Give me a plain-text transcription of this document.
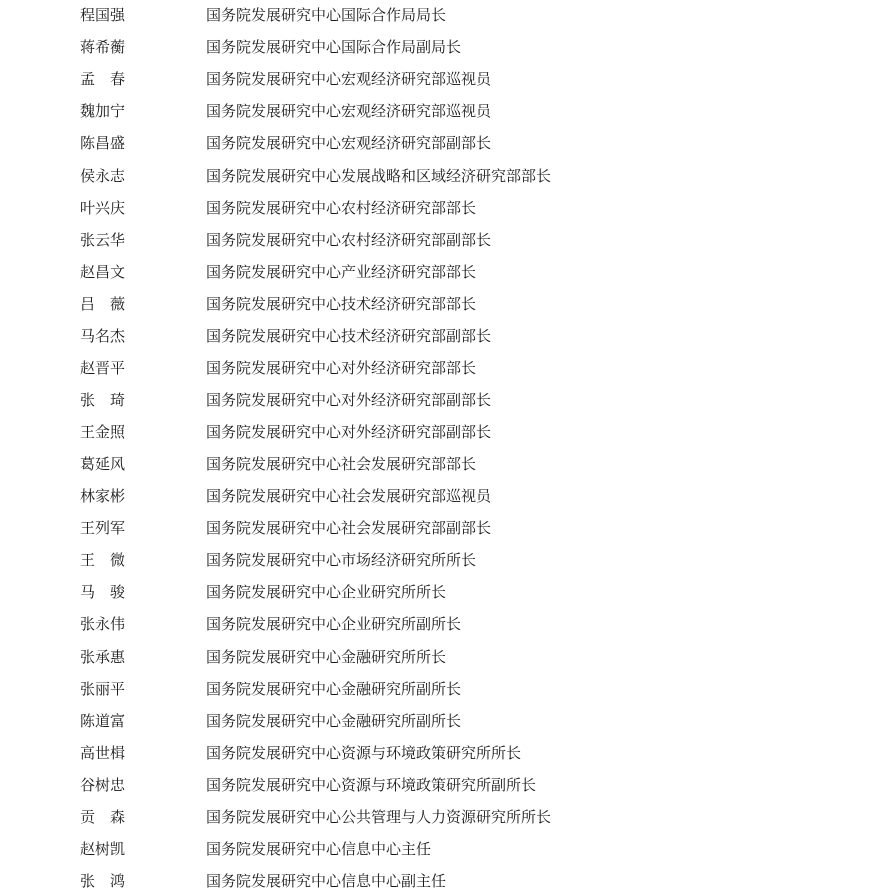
程国强	国务院发展研究中心国际合作局局长
蒋希蘅	国务院发展研究中心国际合作局副局长
孟　春	国务院发展研究中心宏观经济研究部巡视员
魏加宁	国务院发展研究中心宏观经济研究部巡视员
陈昌盛	国务院发展研究中心宏观经济研究部副部长
侯永志	国务院发展研究中心发展战略和区域经济研究部部长
叶兴庆	国务院发展研究中心农村经济研究部部长
张云华	国务院发展研究中心农村经济研究部副部长
赵昌文	国务院发展研究中心产业经济研究部部长
吕　薇	国务院发展研究中心技术经济研究部部长
马名杰	国务院发展研究中心技术经济研究部副部长
赵晋平	国务院发展研究中心对外经济研究部部长
张　琦	国务院发展研究中心对外经济研究部副部长
王金照	国务院发展研究中心对外经济研究部副部长
葛延风	国务院发展研究中心社会发展研究部部长
林家彬	国务院发展研究中心社会发展研究部巡视员
王列军	国务院发展研究中心社会发展研究部副部长
王　微	国务院发展研究中心市场经济研究所所长
马　骏	国务院发展研究中心企业研究所所长
张永伟	国务院发展研究中心企业研究所副所长
张承惠	国务院发展研究中心金融研究所所长
张丽平	国务院发展研究中心金融研究所副所长
陈道富	国务院发展研究中心金融研究所副所长
高世楫	国务院发展研究中心资源与环境政策研究所所长
谷树忠	国务院发展研究中心资源与环境政策研究所副所长
贡　森	国务院发展研究中心公共管理与人力资源研究所所长
赵树凯	国务院发展研究中心信息中心主任
张　鸿	国务院发展研究中心信息中心副主任
